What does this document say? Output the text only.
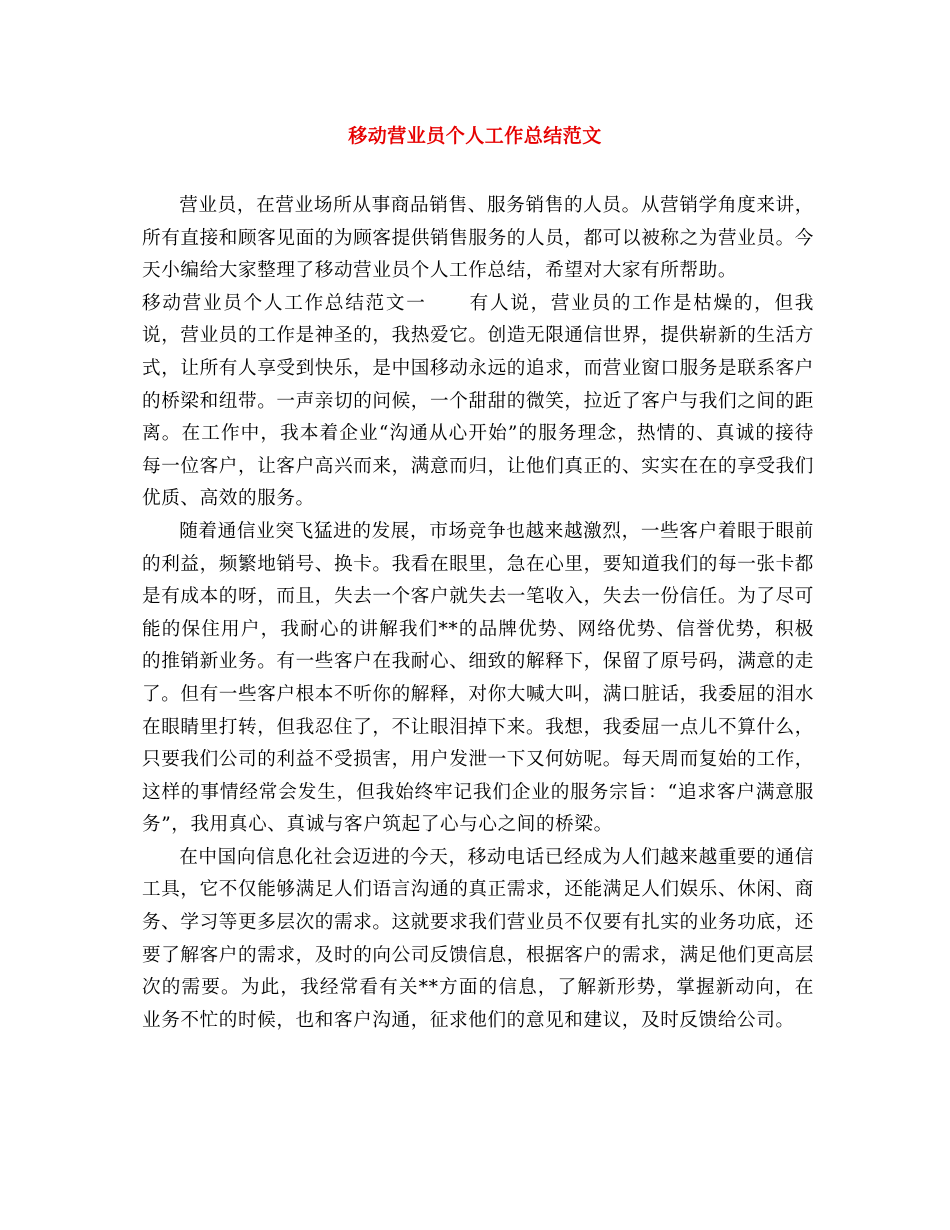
移动营业员个人工作总结范文

营业员，在营业场所从事商品销售、服务销售的人员。从营销学角度来讲，所有直接和顾客见面的为顾客提供销售服务的人员，都可以被称之为营业员。今天小编给大家整理了移动营业员个人工作总结，希望对大家有所帮助。

移动营业员个人工作总结范文一 有人说，营业员的工作是枯燥的，但我说，营业员的工作是神圣的，我热爱它。创造无限通信世界，提供崭新的生活方式，让所有人享受到快乐，是中国移动永远的追求，而营业窗口服务是联系客户的桥梁和纽带。一声亲切的问候，一个甜甜的微笑，拉近了客户与我们之间的距离。在工作中，我本着企业“沟通从心开始”的服务理念，热情的、真诚的接待每一位客户，让客户高兴而来，满意而归，让他们真正的、实实在在的享受我们优质、高效的服务。

随着通信业突飞猛进的发展，市场竞争也越来越激烈，一些客户着眼于眼前的利益，频繁地销号、换卡。我看在眼里，急在心里，要知道我们的每一张卡都是有成本的呀，而且，失去一个客户就失去一笔收入，失去一份信任。为了尽可能的保住用户，我耐心的讲解我们**的品牌优势、网络优势、信誉优势，积极的推销新业务。有一些客户在我耐心、细致的解释下，保留了原号码，满意的走了。但有一些客户根本不听你的解释，对你大喊大叫，满口脏话，我委屈的泪水在眼睛里打转，但我忍住了，不让眼泪掉下来。我想，我委屈一点儿不算什么，只要我们公司的利益不受损害，用户发泄一下又何妨呢。每天周而复始的工作，这样的事情经常会发生，但我始终牢记我们企业的服务宗旨：“追求客户满意服务”，我用真心、真诚与客户筑起了心与心之间的桥梁。

在中国向信息化社会迈进的今天，移动电话已经成为人们越来越重要的通信工具，它不仅能够满足人们语言沟通的真正需求，还能满足人们娱乐、休闲、商务、学习等更多层次的需求。这就要求我们营业员不仅要有扎实的业务功底，还要了解客户的需求，及时的向公司反馈信息，根据客户的需求，满足他们更高层次的需要。为此，我经常看有关**方面的信息，了解新形势，掌握新动向，在业务不忙的时候，也和客户沟通，征求他们的意见和建议，及时反馈给公司。
